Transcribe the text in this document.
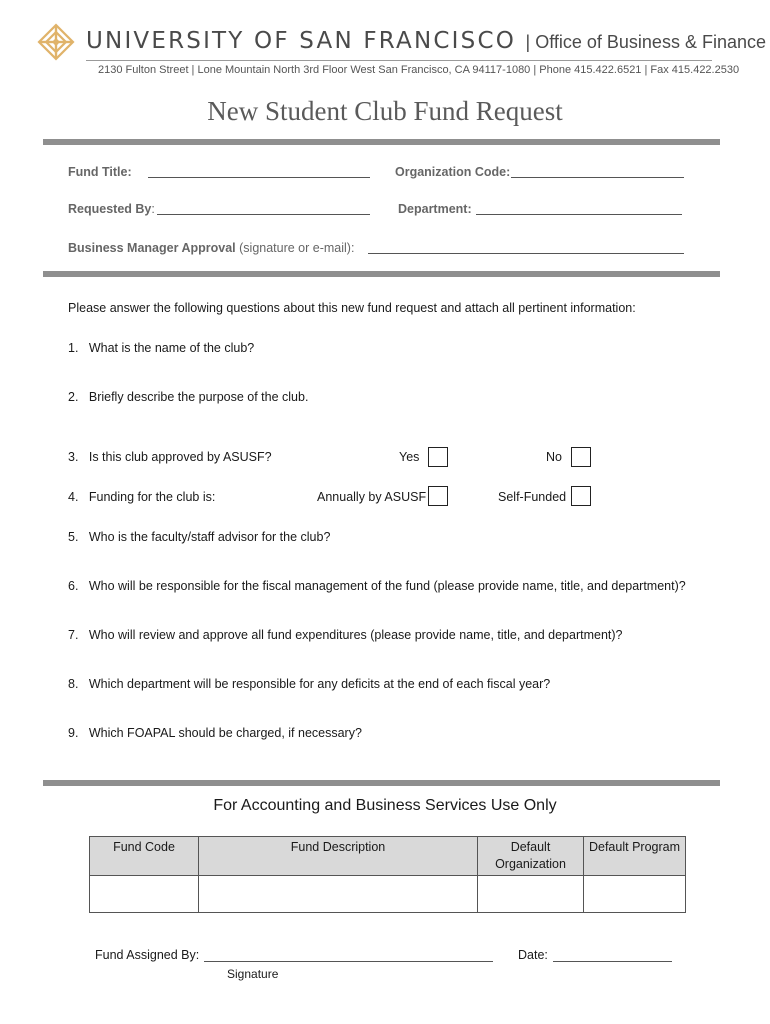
UNIVERSITY OF SAN FRANCISCO | Office of Business & Finance
2130 Fulton Street | Lone Mountain North 3rd Floor West San Francisco, CA 94117-1080 | Phone 415.422.6521 | Fax 415.422.2530
New Student Club Fund Request
Fund Title:	Organization Code:
Requested By:	Department:
Business Manager Approval (signature or e-mail):
Please answer the following questions about this new fund request and attach all pertinent information:
1. What is the name of the club?
2. Briefly describe the purpose of the club.
3. Is this club approved by ASUSF?	Yes	No
4. Funding for the club is:	Annually by ASUSF	Self-Funded
5. Who is the faculty/staff advisor for the club?
6. Who will be responsible for the fiscal management of the fund (please provide name, title, and department)?
7. Who will review and approve all fund expenditures (please provide name, title, and department)?
8. Which department will be responsible for any deficits at the end of each fiscal year?
9. Which FOAPAL should be charged, if necessary?
For Accounting and Business Services Use Only
Fund Code	Fund Description	Default Organization	Default Program

Fund Assigned By:	Date:
Signature
